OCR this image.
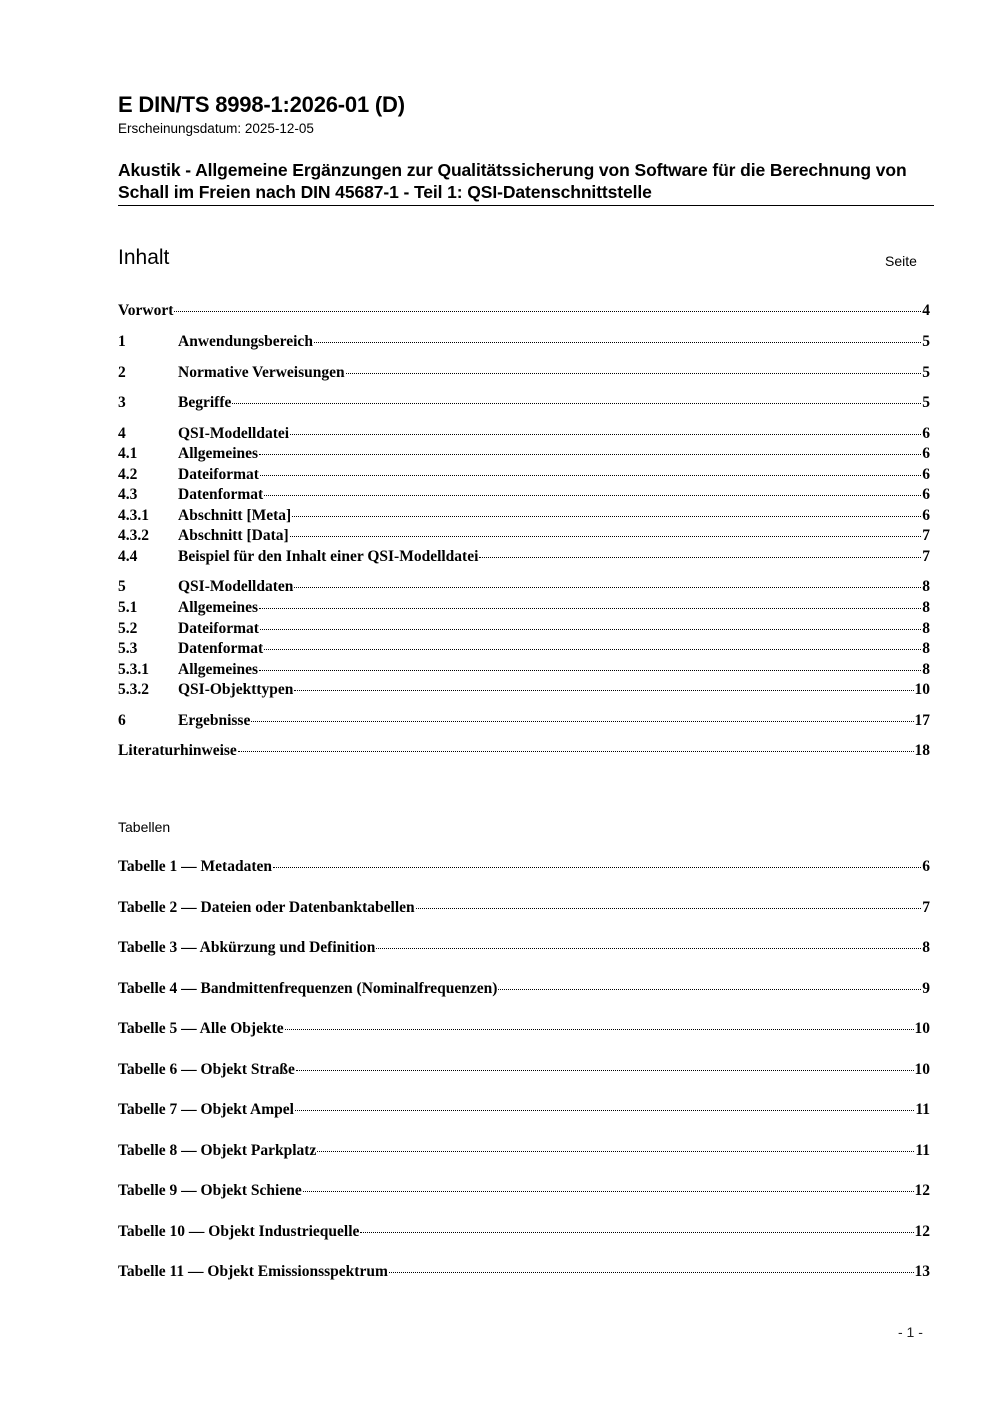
E DIN/TS 8998-1:2026-01 (D)
Erscheinungsdatum: 2025-12-05
Akustik - Allgemeine Ergänzungen zur Qualitätssicherung von Software für die Berechnung von Schall im Freien nach DIN 45687-1 - Teil 1: QSI-Datenschnittstelle
Inhalt	Seite
Vorwort	4
1	Anwendungsbereich	5
2	Normative Verweisungen	5
3	Begriffe	5
4	QSI-Modelldatei	6
4.1	Allgemeines	6
4.2	Dateiformat	6
4.3	Datenformat	6
4.3.1	Abschnitt [Meta]	6
4.3.2	Abschnitt [Data]	7
4.4	Beispiel für den Inhalt einer QSI-Modelldatei	7
5	QSI-Modelldaten	8
5.1	Allgemeines	8
5.2	Dateiformat	8
5.3	Datenformat	8
5.3.1	Allgemeines	8
5.3.2	QSI-Objekttypen	10
6	Ergebnisse	17
Literaturhinweise	18
Tabellen
Tabelle 1 — Metadaten	6
Tabelle 2 — Dateien oder Datenbanktabellen	7
Tabelle 3 — Abkürzung und Definition	8
Tabelle 4 — Bandmittenfrequenzen (Nominalfrequenzen)	9
Tabelle 5 — Alle Objekte	10
Tabelle 6 — Objekt Straße	10
Tabelle 7 — Objekt Ampel	11
Tabelle 8 — Objekt Parkplatz	11
Tabelle 9 — Objekt Schiene	12
Tabelle 10 — Objekt Industriequelle	12
Tabelle 11 — Objekt Emissionsspektrum	13
- 1 -
